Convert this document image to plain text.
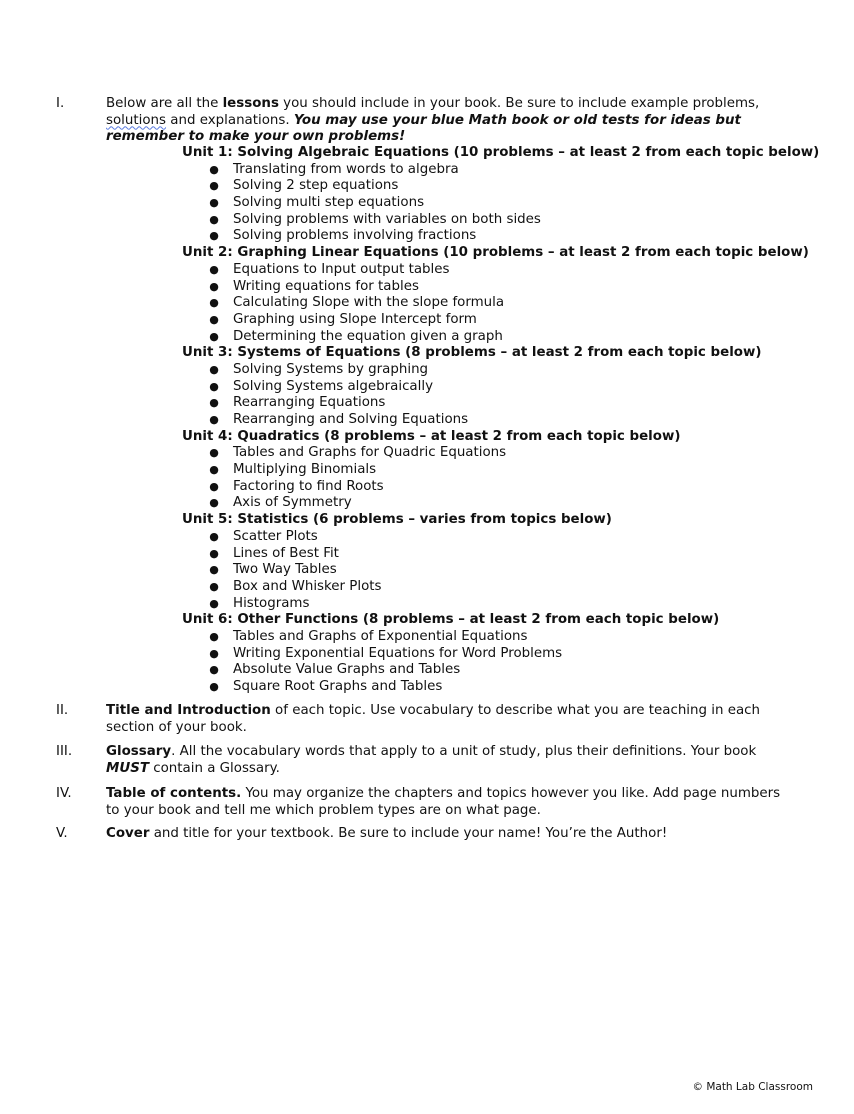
I.	Below are all the lessons you should include in your book. Be sure to include example problems, solutions and explanations. You may use your blue Math book or old tests for ideas but remember to make your own problems!
Unit 1: Solving Algebraic Equations (10 problems – at least 2 from each topic below)
● Translating from words to algebra
● Solving 2 step equations
● Solving multi step equations
● Solving problems with variables on both sides
● Solving problems involving fractions
Unit 2: Graphing Linear Equations (10 problems – at least 2 from each topic below)
● Equations to Input output tables
● Writing equations for tables
● Calculating Slope with the slope formula
● Graphing using Slope Intercept form
● Determining the equation given a graph
Unit 3: Systems of Equations (8 problems – at least 2 from each topic below)
● Solving Systems by graphing
● Solving Systems algebraically
● Rearranging Equations
● Rearranging and Solving Equations
Unit 4: Quadratics (8 problems – at least 2 from each topic below)
● Tables and Graphs for Quadric Equations
● Multiplying Binomials
● Factoring to find Roots
● Axis of Symmetry
Unit 5: Statistics (6 problems – varies from topics below)
● Scatter Plots
● Lines of Best Fit
● Two Way Tables
● Box and Whisker Plots
● Histograms
Unit 6: Other Functions (8 problems – at least 2 from each topic below)
● Tables and Graphs of Exponential Equations
● Writing Exponential Equations for Word Problems
● Absolute Value Graphs and Tables
● Square Root Graphs and Tables
II.	Title and Introduction of each topic. Use vocabulary to describe what you are teaching in each section of your book.
III.	Glossary. All the vocabulary words that apply to a unit of study, plus their definitions. Your book MUST contain a Glossary.
IV.	Table of contents. You may organize the chapters and topics however you like. Add page numbers to your book and tell me which problem types are on what page.
V.	Cover and title for your textbook. Be sure to include your name! You’re the Author!
© Math Lab Classroom
